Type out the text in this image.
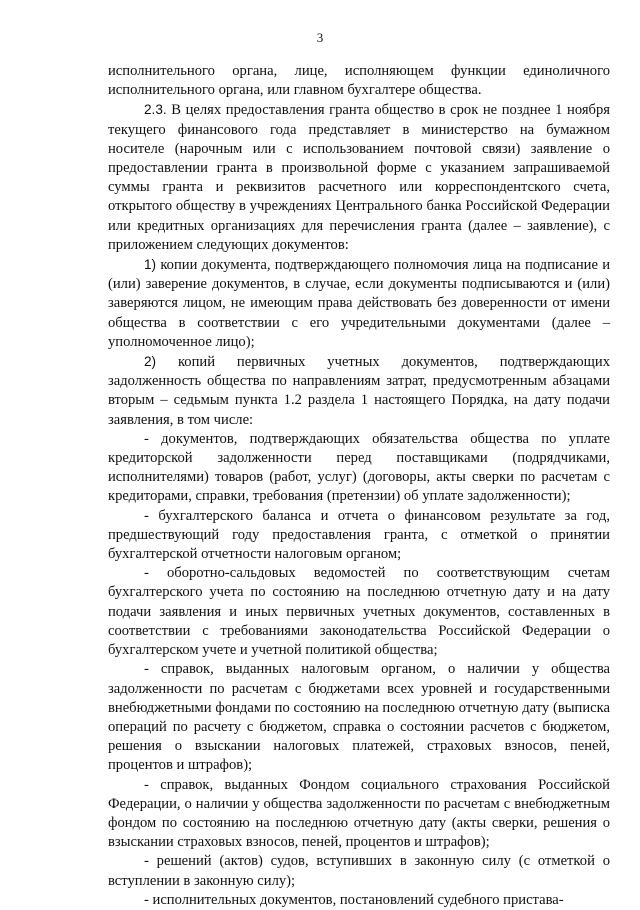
3

исполнительного органа, лице, исполняющем функции единоличного исполнительного органа, или главном бухгалтере общества.

2.3. В целях предоставления гранта общество в срок не позднее 1 ноября текущего финансового года представляет в министерство на бумажном носителе (нарочным или с использованием почтовой связи) заявление о предоставлении гранта в произвольной форме с указанием запрашиваемой суммы гранта и реквизитов расчетного или корреспондентского счета, открытого обществу в учреждениях Центрального банка Российской Федерации или кредитных организациях для перечисления гранта (далее – заявление), с приложением следующих документов:

1) копии документа, подтверждающего полномочия лица на подписание и (или) заверение документов, в случае, если документы подписываются и (или) заверяются лицом, не имеющим права действовать без доверенности от имени общества в соответствии с его учредительными документами (далее – уполномоченное лицо);

2) копий первичных учетных документов, подтверждающих задолженность общества по направлениям затрат, предусмотренным абзацами вторым – седьмым пункта 1.2 раздела 1 настоящего Порядка, на дату подачи заявления, в том числе:

- документов, подтверждающих обязательства общества по уплате кредиторской задолженности перед поставщиками (подрядчиками, исполнителями) товаров (работ, услуг) (договоры, акты сверки по расчетам с кредиторами, справки, требования (претензии) об уплате задолженности);

- бухгалтерского баланса и отчета о финансовом результате за год, предшествующий году предоставления гранта, с отметкой о принятии бухгалтерской отчетности налоговым органом;

- оборотно-сальдовых ведомостей по соответствующим счетам бухгалтерского учета по состоянию на последнюю отчетную дату и на дату подачи заявления и иных первичных учетных документов, составленных в соответствии с требованиями законодательства Российской Федерации о бухгалтерском учете и учетной политикой общества;

- справок, выданных налоговым органом, о наличии у общества задолженности по расчетам с бюджетами всех уровней и государственными внебюджетными фондами по состоянию на последнюю отчетную дату (выписка операций по расчету с бюджетом, справка о состоянии расчетов с бюджетом, решения о взыскании налоговых платежей, страховых взносов, пеней, процентов и штрафов);

- справок, выданных Фондом социального страхования Российской Федерации, о наличии у общества задолженности по расчетам с внебюджетным фондом по состоянию на последнюю отчетную дату (акты сверки, решения о взыскании страховых взносов, пеней, процентов и штрафов);

- решений (актов) судов, вступивших в законную силу (с отметкой о вступлении в законную силу);

- исполнительных документов, постановлений судебного пристава-
